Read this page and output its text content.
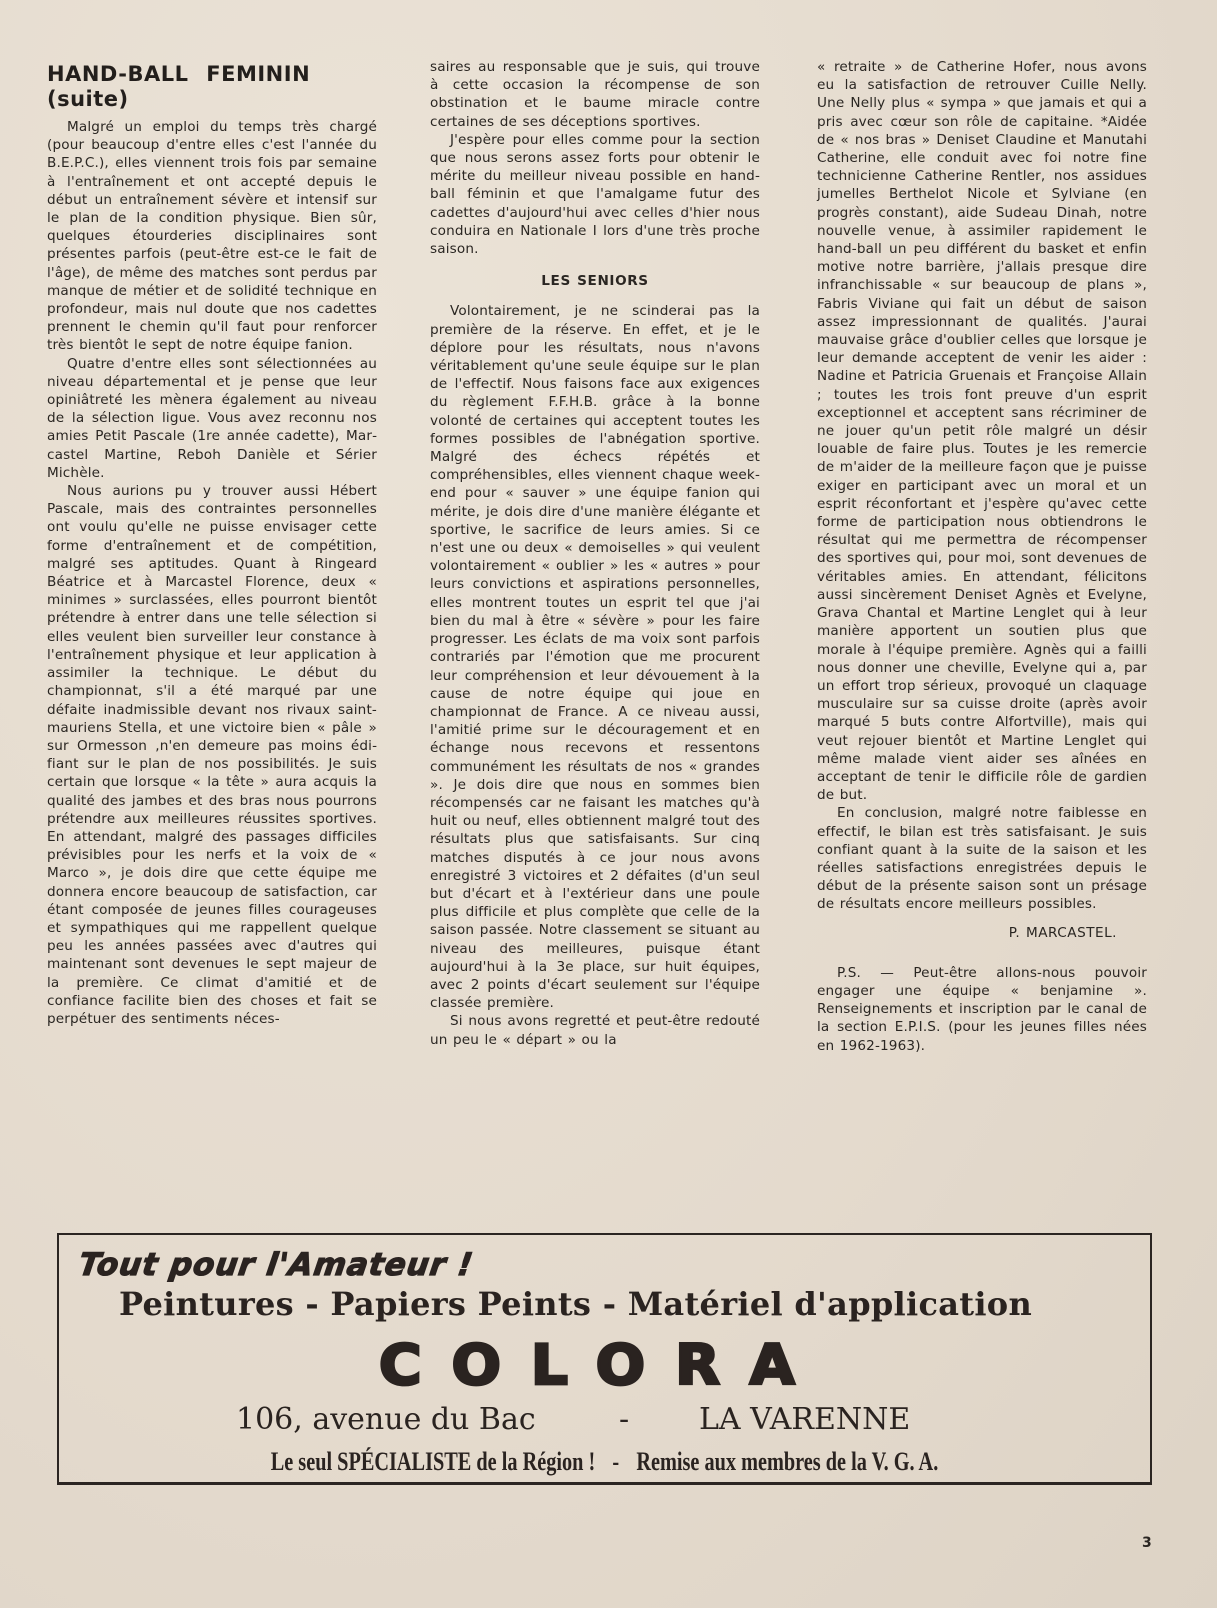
HAND-BALL FEMININ
(suite)

Malgré un emploi du temps très chargé (pour beaucoup d'entre elles c'est l'année du B.E.P.C.), elles viennent trois fois par semaine à l'entraînement et ont accepté depuis le début un entraînement sévère et intensif sur le plan de la condition physique. Bien sûr, quelques étourderies disciplinaires sont présentes parfois (peut-être est-ce le fait de l'âge), de même des matches sont perdus par manque de métier et de solidité technique en profondeur, mais nul doute que nos cadettes prennent le chemin qu'il faut pour renforcer très bientôt le sept de notre équipe fanion.

Quatre d'entre elles sont sélectionnées au niveau départemental et je pense que leur opiniâtreté les mènera également au niveau de la sélection ligue. Vous avez reconnu nos amies Petit Pascale (1re année cadette), Marcastel Martine, Reboh Danièle et Sérier Michèle.

Nous aurions pu y trouver aussi Hébert Pascale, mais des contraintes personnelles ont voulu qu'elle ne puisse envisager cette forme d'entraînement et de compétition, malgré ses aptitudes. Quant à Ringeard Béatrice et à Marcastel Florence, deux « minimes » surclassées, elles pourront bientôt prétendre à entrer dans une telle sélection si elles veulent bien surveiller leur constance à l'entraînement physique et leur application à assimiler la technique. Le début du championnat, s'il a été marqué par une défaite inadmissible devant nos rivaux saint-mauriens Stella, et une victoire bien « pâle » sur Ormesson ,n'en demeure pas moins édifiant sur le plan de nos possibilités. Je suis certain que lorsque « la tête » aura acquis la qualité des jambes et des bras nous pourrons prétendre aux meilleures réussites sportives. En attendant, malgré des passages difficiles prévisibles pour les nerfs et la voix de « Marco », je dois dire que cette équipe me donnera encore beaucoup de satisfaction, car étant composée de jeunes filles courageuses et sympathiques qui me rappellent quelque peu les années passées avec d'autres qui maintenant sont devenues le sept majeur de la première. Ce climat d'amitié et de confiance facilite bien des choses et fait se perpétuer des sentiments néces-

saires au responsable que je suis, qui trouve à cette occasion la récompense de son obstination et le baume miracle contre certaines de ses déceptions sportives.

J'espère pour elles comme pour la section que nous serons assez forts pour obtenir le mérite du meilleur niveau possible en hand-ball féminin et que l'amalgame futur des cadettes d'aujourd'hui avec celles d'hier nous conduira en Nationale I lors d'une très proche saison.

LES SENIORS

Volontairement, je ne scinderai pas la première de la réserve. En effet, et je le déplore pour les résultats, nous n'avons véritablement qu'une seule équipe sur le plan de l'effectif. Nous faisons face aux exigences du règlement F.F.H.B. grâce à la bonne volonté de certaines qui acceptent toutes les formes possibles de l'abnégation sportive. Malgré des échecs répétés et compréhensibles, elles viennent chaque week-end pour « sauver » une équipe fanion qui mérite, je dois dire d'une manière élégante et sportive, le sacrifice de leurs amies. Si ce n'est une ou deux « demoiselles » qui veulent volontairement « oublier » les « autres » pour leurs convictions et aspirations personnelles, elles montrent toutes un esprit tel que j'ai bien du mal à être « sévère » pour les faire progresser. Les éclats de ma voix sont parfois contrariés par l'émotion que me procurent leur compréhension et leur dévouement à la cause de notre équipe qui joue en championnat de France. A ce niveau aussi, l'amitié prime sur le découragement et en échange nous recevons et ressentons communément les résultats de nos « grandes ». Je dois dire que nous en sommes bien récompensés car ne faisant les matches qu'à huit ou neuf, elles obtiennent malgré tout des résultats plus que satisfaisants. Sur cinq matches disputés à ce jour nous avons enregistré 3 victoires et 2 défaites (d'un seul but d'écart et à l'extérieur dans une poule plus difficile et plus complète que celle de la saison passée. Notre classement se situant au niveau des meilleures, puisque étant aujourd'hui à la 3e place, sur huit équipes, avec 2 points d'écart seulement sur l'équipe classée première.

Si nous avons regretté et peut-être redouté un peu le « départ » ou la

« retraite » de Catherine Hofer, nous avons eu la satisfaction de retrouver Cuille Nelly. Une Nelly plus « sympa » que jamais et qui a pris avec cœur son rôle de capitaine. *Aidée de « nos bras » Deniset Claudine et Manutahi Catherine, elle conduit avec foi notre fine technicienne Catherine Rentler, nos assidues jumelles Berthelot Nicole et Sylviane (en progrès constant), aide Sudeau Dinah, notre nouvelle venue, à assimiler rapidement le hand-ball un peu différent du basket et enfin motive notre barrière, j'allais presque dire infranchissable « sur beaucoup de plans », Fabris Viviane qui fait un début de saison assez impressionnant de qualités. J'aurai mauvaise grâce d'oublier celles que lorsque je leur demande acceptent de venir les aider : Nadine et Patricia Gruenais et Françoise Allain ; toutes les trois font preuve d'un esprit exceptionnel et acceptent sans récriminer de ne jouer qu'un petit rôle malgré un désir louable de faire plus. Toutes je les remercie de m'aider de la meilleure façon que je puisse exiger en participant avec un moral et un esprit réconfortant et j'espère qu'avec cette forme de participation nous obtiendrons le résultat qui me permettra de récompenser des sportives qui, pour moi, sont devenues de véritables amies. En attendant, félicitons aussi sincèrement Deniset Agnès et Evelyne, Grava Chantal et Martine Lenglet qui à leur manière apportent un soutien plus que morale à l'équipe première. Agnès qui a failli nous donner une cheville, Evelyne qui a, par un effort trop sérieux, provoqué un claquage musculaire sur sa cuisse droite (après avoir marqué 5 buts contre Alfortville), mais qui veut rejouer bientôt et Martine Lenglet qui même malade vient aider ses aînées en acceptant de tenir le difficile rôle de gardien de but.

En conclusion, malgré notre faiblesse en effectif, le bilan est très satisfaisant. Je suis confiant quant à la suite de la saison et les réelles satisfactions enregistrées depuis le début de la présente saison sont un présage de résultats encore meilleurs possibles.

P. MARCASTEL.

P.S. — Peut-être allons-nous pouvoir engager une équipe « benjamine ». Renseignements et inscription par le canal de la section E.P.I.S. (pour les jeunes filles nées en 1962-1963).

Tout pour l'Amateur !
Peintures - Papiers Peints - Matériel d'application
COLORA
106, avenue du Bac	- LA VARENNE
Le seul SPÉCIALISTE de la Région ! - Remise aux membres de la V. G. A.
3
